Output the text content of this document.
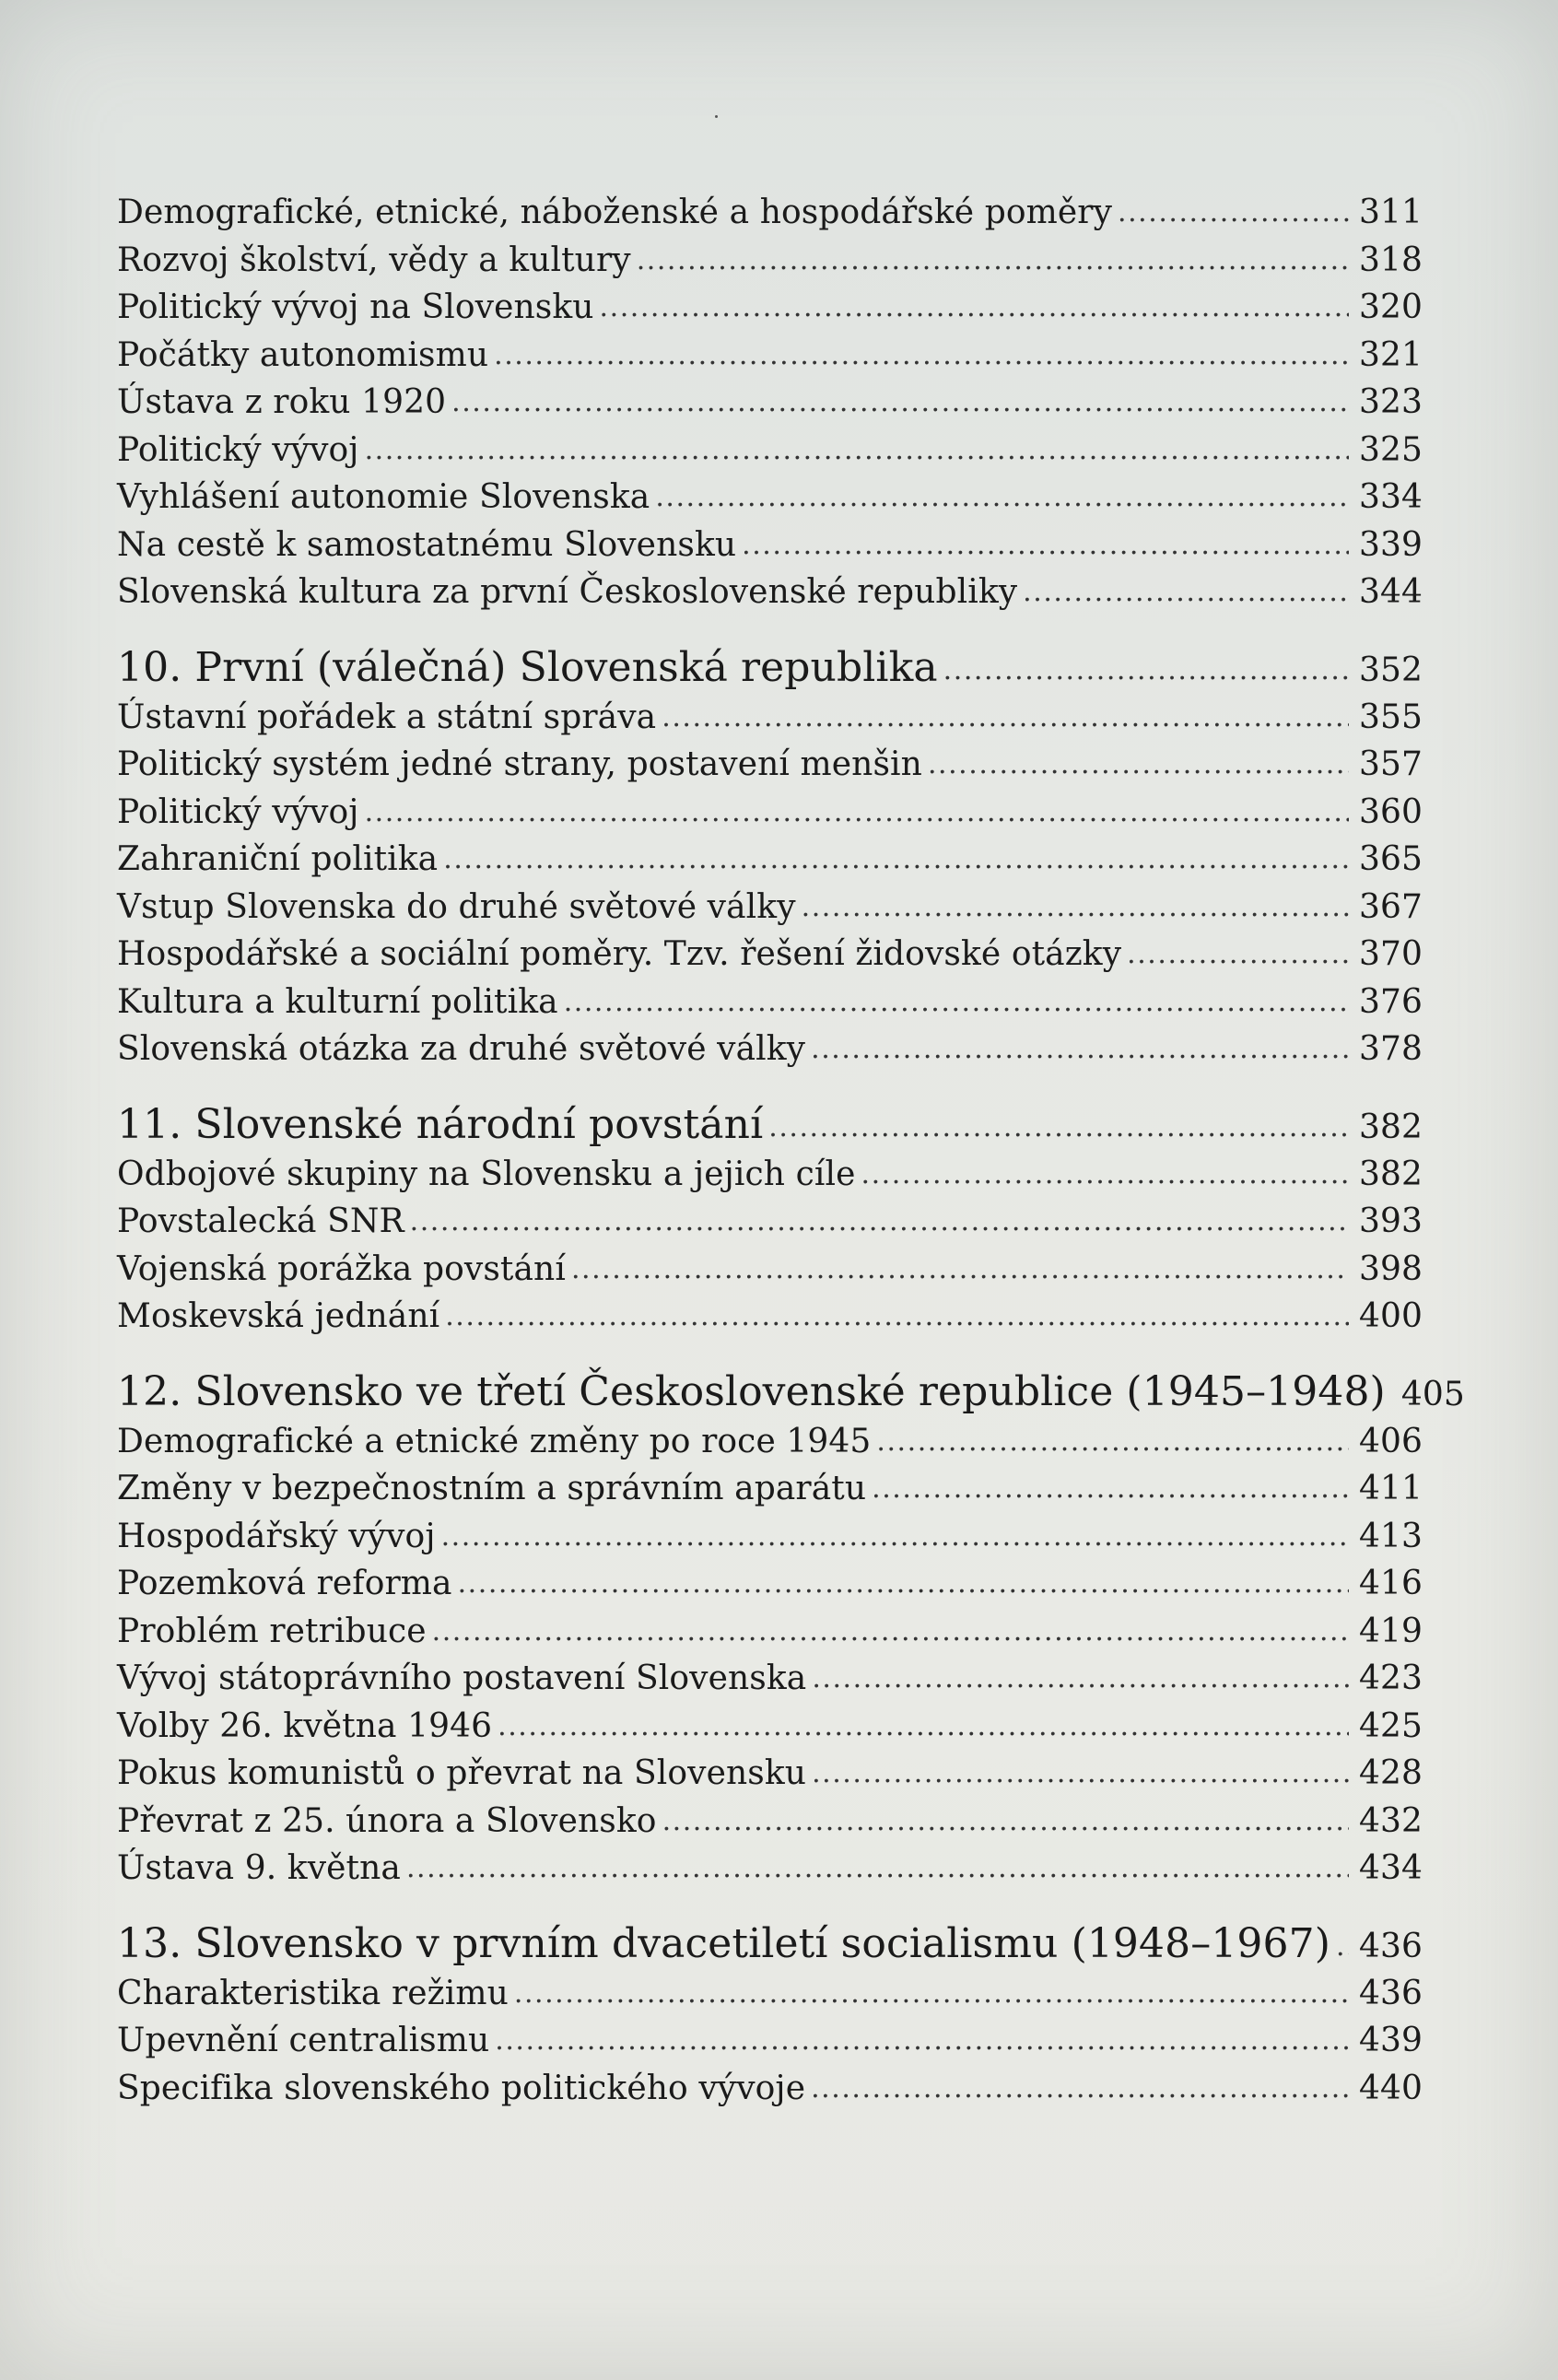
Demografické, etnické, náboženské a hospodářské poměry . . .	311
Rozvoj školství, vědy a kultury . . .	318
Politický vývoj na Slovensku . . .	320
Počátky autonomismu . . .	321
Ústava z roku 1920 . . .	323
Politický vývoj . . .	325
Vyhlášení autonomie Slovenska . . .	334
Na cestě k samostatnému Slovensku . . .	339
Slovenská kultura za první Československé republiky . . .	344
10. První (válečná) Slovenská republika . . .	352
Ústavní pořádek a státní správa . . .	355
Politický systém jedné strany, postavení menšin . . .	357
Politický vývoj . . .	360
Zahraniční politika . . .	365
Vstup Slovenska do druhé světové války . . .	367
Hospodářské a sociální poměry. Tzv. řešení židovské otázky . . .	370
Kultura a kulturní politika . . .	376
Slovenská otázka za druhé světové války . . .	378
11. Slovenské národní povstání . . .	382
Odbojové skupiny na Slovensku a jejich cíle . . .	382
Povstalecká SNR . . .	393
Vojenská porážka povstání . . .	398
Moskevská jednání . . .	400
12. Slovensko ve třetí Československé republice (1945–1948) 405
Demografické a etnické změny po roce 1945 . . .	406
Změny v bezpečnostním a správním aparátu . . .	411
Hospodářský vývoj . . .	413
Pozemková reforma . . .	416
Problém retribuce . . .	419
Vývoj státoprávního postavení Slovenska . . .	423
Volby 26. května 1946 . . .	425
Pokus komunistů o převrat na Slovensku . . .	428
Převrat z 25. února a Slovensko . . .	432
Ústava 9. května . . .	434
13. Slovensko v prvním dvacetiletí socialismu (1948–1967) . . . 436
Charakteristika režimu . . .	436
Upevnění centralismu . . .	439
Specifika slovenského politického vývoje . . .	440
